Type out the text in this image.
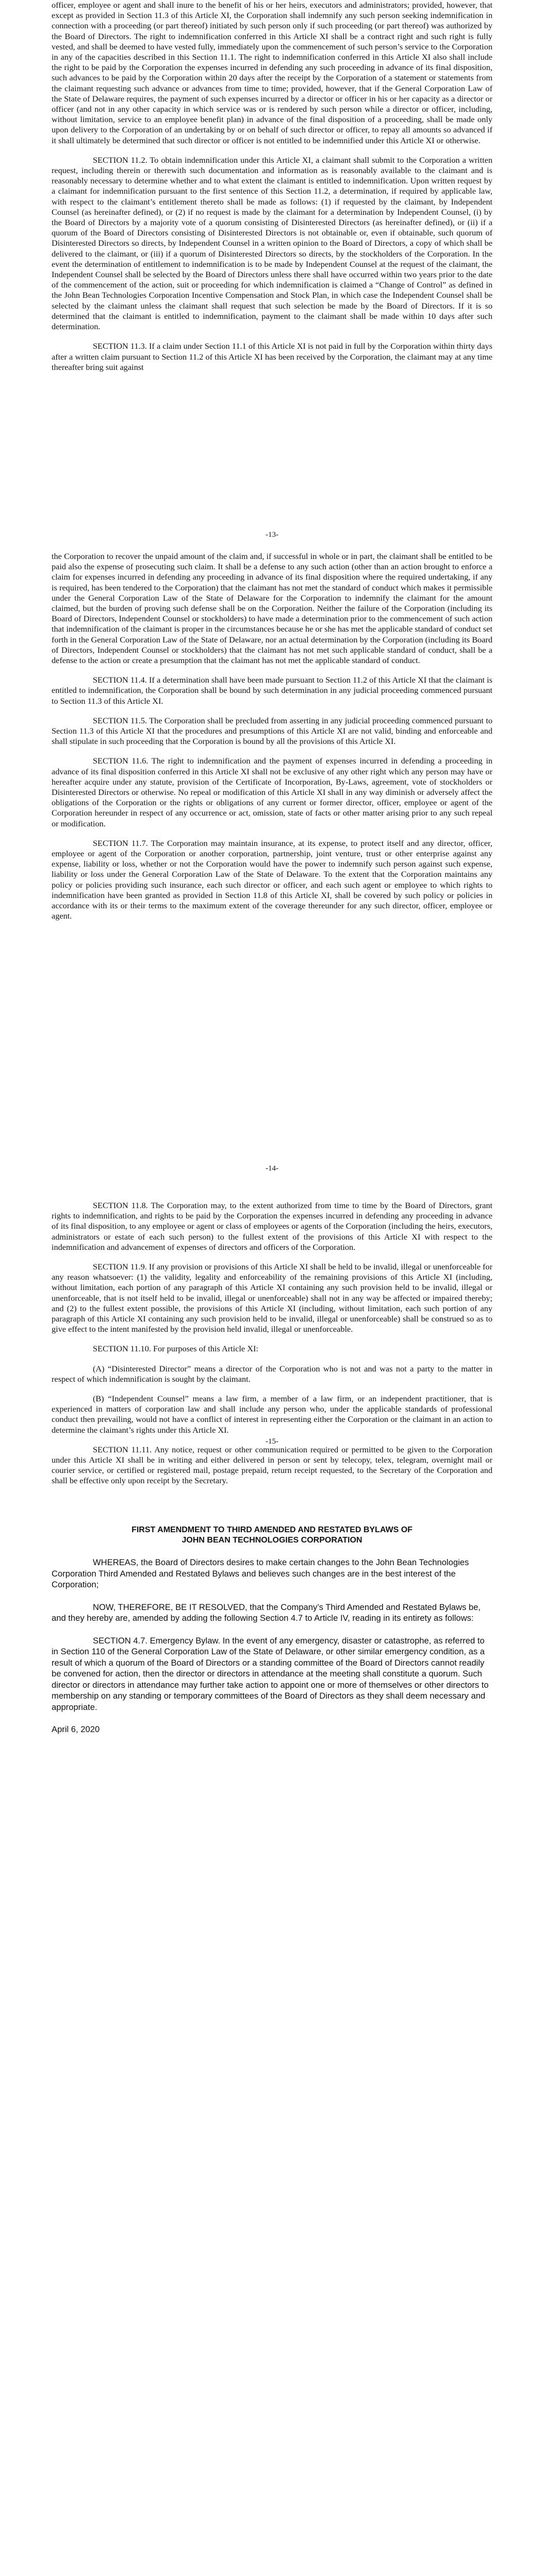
officer, employee or agent and shall inure to the benefit of his or her heirs, executors and administrators; provided, however, that except as provided in Section 11.3 of this Article XI, the Corporation shall indemnify any such person seeking indemnification in connection with a proceeding (or part thereof) initiated by such person only if such proceeding (or part thereof) was authorized by the Board of Directors. The right to indemnification conferred in this Article XI shall be a contract right and such right is fully vested, and shall be deemed to have vested fully, immediately upon the commencement of such person’s service to the Corporation in any of the capacities described in this Section 11.1. The right to indemnification conferred in this Article XI also shall include the right to be paid by the Corporation the expenses incurred in defending any such proceeding in advance of its final disposition, such advances to be paid by the Corporation within 20 days after the receipt by the Corporation of a statement or statements from the claimant requesting such advance or advances from time to time; provided, however, that if the General Corporation Law of the State of Delaware requires, the payment of such expenses incurred by a director or officer in his or her capacity as a director or officer (and not in any other capacity in which service was or is rendered by such person while a director or officer, including, without limitation, service to an employee benefit plan) in advance of the final disposition of a proceeding, shall be made only upon delivery to the Corporation of an undertaking by or on behalf of such director or officer, to repay all amounts so advanced if it shall ultimately be determined that such director or officer is not entitled to be indemnified under this Article XI or otherwise.

SECTION 11.2. To obtain indemnification under this Article XI, a claimant shall submit to the Corporation a written request, including therein or therewith such documentation and information as is reasonably available to the claimant and is reasonably necessary to determine whether and to what extent the claimant is entitled to indemnification. Upon written request by a claimant for indemnification pursuant to the first sentence of this Section 11.2, a determination, if required by applicable law, with respect to the claimant’s entitlement thereto shall be made as follows: (1) if requested by the claimant, by Independent Counsel (as hereinafter defined), or (2) if no request is made by the claimant for a determination by Independent Counsel, (i) by the Board of Directors by a majority vote of a quorum consisting of Disinterested Directors (as hereinafter defined), or (ii) if a quorum of the Board of Directors consisting of Disinterested Directors is not obtainable or, even if obtainable, such quorum of Disinterested Directors so directs, by Independent Counsel in a written opinion to the Board of Directors, a copy of which shall be delivered to the claimant, or (iii) if a quorum of Disinterested Directors so directs, by the stockholders of the Corporation. In the event the determination of entitlement to indemnification is to be made by Independent Counsel at the request of the claimant, the Independent Counsel shall be selected by the Board of Directors unless there shall have occurred within two years prior to the date of the commencement of the action, suit or proceeding for which indemnification is claimed a “Change of Control” as defined in the John Bean Technologies Corporation Incentive Compensation and Stock Plan, in which case the Independent Counsel shall be selected by the claimant unless the claimant shall request that such selection be made by the Board of Directors. If it is so determined that the claimant is entitled to indemnification, payment to the claimant shall be made within 10 days after such determination.

SECTION 11.3. If a claim under Section 11.1 of this Article XI is not paid in full by the Corporation within thirty days after a written claim pursuant to Section 11.2 of this Article XI has been received by the Corporation, the claimant may at any time thereafter bring suit against

-13-

the Corporation to recover the unpaid amount of the claim and, if successful in whole or in part, the claimant shall be entitled to be paid also the expense of prosecuting such claim. It shall be a defense to any such action (other than an action brought to enforce a claim for expenses incurred in defending any proceeding in advance of its final disposition where the required undertaking, if any is required, has been tendered to the Corporation) that the claimant has not met the standard of conduct which makes it permissible under the General Corporation Law of the State of Delaware for the Corporation to indemnify the claimant for the amount claimed, but the burden of proving such defense shall be on the Corporation. Neither the failure of the Corporation (including its Board of Directors, Independent Counsel or stockholders) to have made a determination prior to the commencement of such action that indemnification of the claimant is proper in the circumstances because he or she has met the applicable standard of conduct set forth in the General Corporation Law of the State of Delaware, nor an actual determination by the Corporation (including its Board of Directors, Independent Counsel or stockholders) that the claimant has not met such applicable standard of conduct, shall be a defense to the action or create a presumption that the claimant has not met the applicable standard of conduct.

SECTION 11.4. If a determination shall have been made pursuant to Section 11.2 of this Article XI that the claimant is entitled to indemnification, the Corporation shall be bound by such determination in any judicial proceeding commenced pursuant to Section 11.3 of this Article XI.

SECTION 11.5. The Corporation shall be precluded from asserting in any judicial proceeding commenced pursuant to Section 11.3 of this Article XI that the procedures and presumptions of this Article XI are not valid, binding and enforceable and shall stipulate in such proceeding that the Corporation is bound by all the provisions of this Article XI.

SECTION 11.6. The right to indemnification and the payment of expenses incurred in defending a proceeding in advance of its final disposition conferred in this Article XI shall not be exclusive of any other right which any person may have or hereafter acquire under any statute, provision of the Certificate of Incorporation, By-Laws, agreement, vote of stockholders or Disinterested Directors or otherwise. No repeal or modification of this Article XI shall in any way diminish or adversely affect the obligations of the Corporation or the rights or obligations of any current or former director, officer, employee or agent of the Corporation hereunder in respect of any occurrence or act, omission, state of facts or other matter arising prior to any such repeal or modification.

SECTION 11.7. The Corporation may maintain insurance, at its expense, to protect itself and any director, officer, employee or agent of the Corporation or another corporation, partnership, joint venture, trust or other enterprise against any expense, liability or loss, whether or not the Corporation would have the power to indemnify such person against such expense, liability or loss under the General Corporation Law of the State of Delaware. To the extent that the Corporation maintains any policy or policies providing such insurance, each such director or officer, and each such agent or employee to which rights to indemnification have been granted as provided in Section 11.8 of this Article XI, shall be covered by such policy or policies in accordance with its or their terms to the maximum extent of the coverage thereunder for any such director, officer, employee or agent.

-14-

SECTION 11.8. The Corporation may, to the extent authorized from time to time by the Board of Directors, grant rights to indemnification, and rights to be paid by the Corporation the expenses incurred in defending any proceeding in advance of its final disposition, to any employee or agent or class of employees or agents of the Corporation (including the heirs, executors, administrators or estate of each such person) to the fullest extent of the provisions of this Article XI with respect to the indemnification and advancement of expenses of directors and officers of the Corporation.

SECTION 11.9. If any provision or provisions of this Article XI shall be held to be invalid, illegal or unenforceable for any reason whatsoever: (1) the validity, legality and enforceability of the remaining provisions of this Article XI (including, without limitation, each portion of any paragraph of this Article XI containing any such provision held to be invalid, illegal or unenforceable, that is not itself held to be invalid, illegal or unenforceable) shall not in any way be affected or impaired thereby; and (2) to the fullest extent possible, the provisions of this Article XI (including, without limitation, each such portion of any paragraph of this Article XI containing any such provision held to be invalid, illegal or unenforceable) shall be construed so as to give effect to the intent manifested by the provision held invalid, illegal or unenforceable.

SECTION 11.10. For purposes of this Article XI:

(A) “Disinterested Director” means a director of the Corporation who is not and was not a party to the matter in respect of which indemnification is sought by the claimant.

(B) “Independent Counsel” means a law firm, a member of a law firm, or an independent practitioner, that is experienced in matters of corporation law and shall include any person who, under the applicable standards of professional conduct then prevailing, would not have a conflict of interest in representing either the Corporation or the claimant in an action to determine the claimant’s rights under this Article XI.

SECTION 11.11. Any notice, request or other communication required or permitted to be given to the Corporation under this Article XI shall be in writing and either delivered in person or sent by telecopy, telex, telegram, overnight mail or courier service, or certified or registered mail, postage prepaid, return receipt requested, to the Secretary of the Corporation and shall be effective only upon receipt by the Secretary.

-15-
FIRST AMENDMENT TO THIRD AMENDED AND RESTATED BYLAWS OF
JOHN BEAN TECHNOLOGIES CORPORATION

WHEREAS, the Board of Directors desires to make certain changes to the John Bean Technologies Corporation Third Amended and Restated Bylaws and believes such changes are in the best interest of the Corporation;

NOW, THEREFORE, BE IT RESOLVED, that the Company’s Third Amended and Restated Bylaws be, and they hereby are, amended by adding the following Section 4.7 to Article IV, reading in its entirety as follows:

SECTION 4.7. Emergency Bylaw. In the event of any emergency, disaster or catastrophe, as referred to in Section 110 of the General Corporation Law of the State of Delaware, or other similar emergency condition, as a result of which a quorum of the Board of Directors or a standing committee of the Board of Directors cannot readily be convened for action, then the director or directors in attendance at the meeting shall constitute a quorum. Such director or directors in attendance may further take action to appoint one or more of themselves or other directors to membership on any standing or temporary committees of the Board of Directors as they shall deem necessary and appropriate.

April 6, 2020
